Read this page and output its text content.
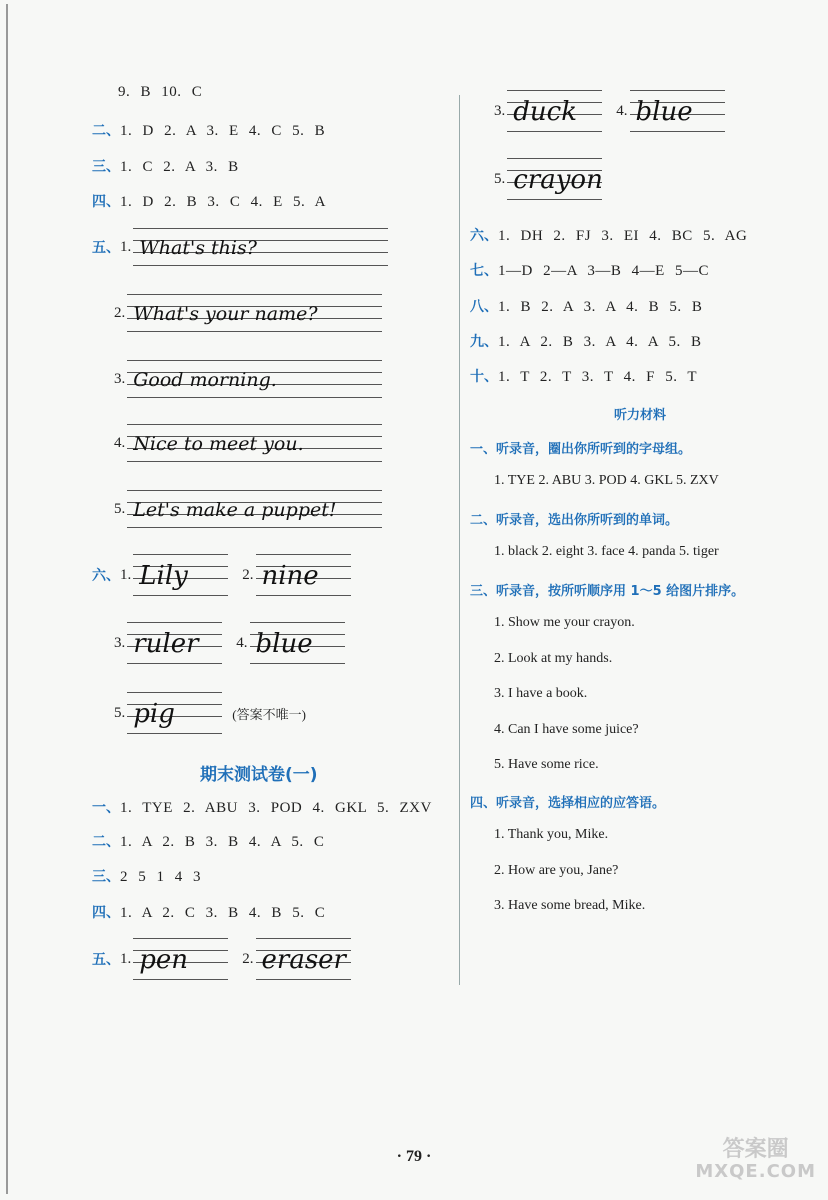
9. B 10. C
二、 1. D 2. A 3. E 4. C 5. B
三、 1. C 2. A 3. B
四、 1. D 2. B 3. C 4. E 5. A
五、 1. What's this?
2. What's your name?
3. Good morning.
4. Nice to meet you.
5. Let's make a puppet!
六、 1. Lily	2. nine
3. ruler	4. blue
5. pig	(答案不唯一)
期末测试卷(一)
一、 1. TYE 2. ABU 3. POD 4. GKL 5. ZXV
二、 1. A 2. B 3. B 4. A 5. C
三、 2 5 1 4 3
四、 1. A 2. C 3. B 4. B 5. C
五、 1. pen	2. eraser
3. duck	4. blue
5. crayon
六、 1. DH 2. FJ 3. EI 4. BC 5. AG
七、 1—D 2—A 3—B 4—E 5—C
八、 1. B 2. A 3. A 4. B 5. B
九、 1. A 2. B 3. A 4. A 5. B
十、 1. T 2. T 3. T 4. F 5. T
听力材料
一、听录音，圈出你所听到的字母组。
1. TYE 2. ABU 3. POD 4. GKL 5. ZXV
二、听录音，选出你所听到的单词。
1. black 2. eight 3. face 4. panda 5. tiger
三、听录音，按所听顺序用 1～5 给图片排序。
1. Show me your crayon.
2. Look at my hands.
3. I have a book.
4. Can I have some juice?
5. Have some rice.
四、听录音，选择相应的应答语。
1. Thank you, Mike.
2. How are you, Jane?
3. Have some bread, Mike.
· 79 ·	答案圈
MXQE.COM
